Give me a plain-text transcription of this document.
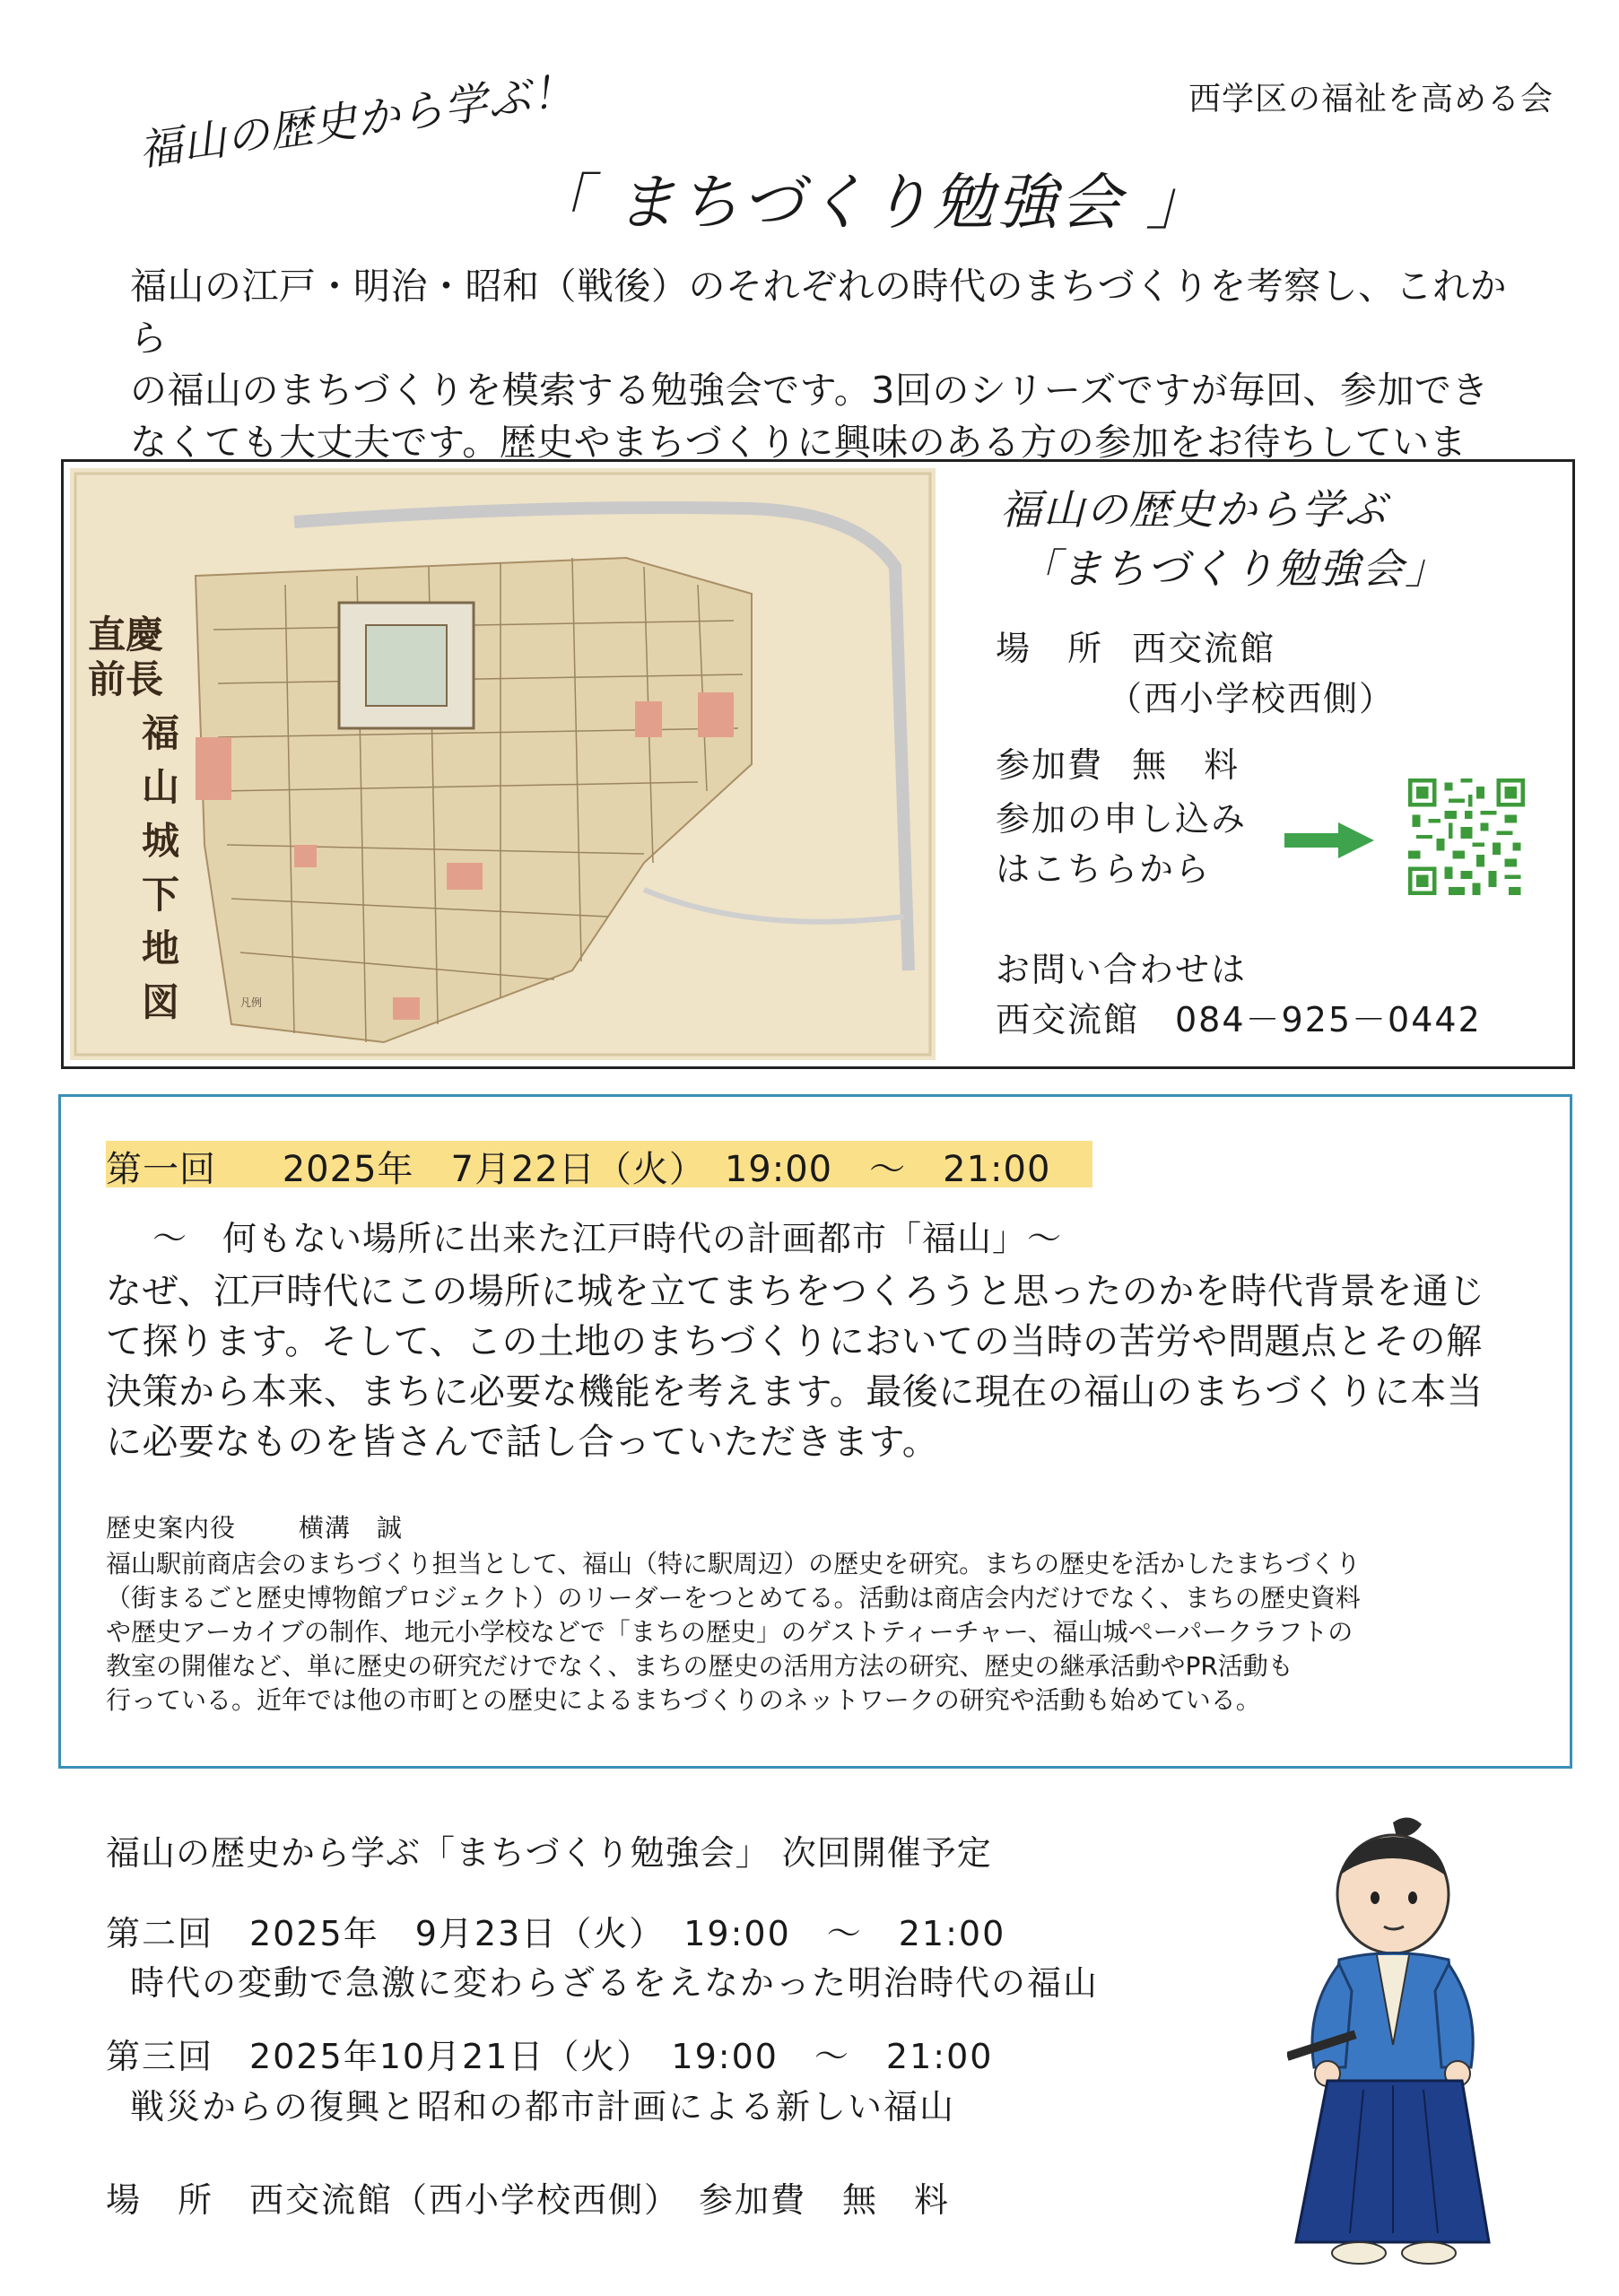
西学区の福祉を高める会
福山の歴史から学ぶ！
「 まちづくり勉強会 」
福山の江戸・明治・昭和（戦後）のそれぞれの時代のまちづくりを考察し、これから
の福山のまちづくりを模索する勉強会です。3回のシリーズですが毎回、参加でき
なくても大丈夫です。歴史やまちづくりに興味のある方の参加をお待ちしていま
慶
長
直
前
福
山
城
下
地
図	凡例
福山の歴史から学ぶ
「まちづくり勉強会」
場　所 西交流館
（西小学校西側）
参加費 無　料
参加の申し込み
はこちらから
お問い合わせは
西交流館　084－925－0442
第一回 2025年　7月22日（火）　19:00　～　21:00
～　何もない場所に出来た江戸時代の計画都市「福山」～
なぜ、江戸時代にこの場所に城を立てまちをつくろうと思ったのかを時代背景を通じ
て探ります。そして、この土地のまちづくりにおいての当時の苦労や問題点とその解
決策から本来、まちに必要な機能を考えます。最後に現在の福山のまちづくりに本当
に必要なものを皆さんで話し合っていただきます。
歴史案内役 横溝　誠
福山駅前商店会のまちづくり担当として、福山（特に駅周辺）の歴史を研究。まちの歴史を活かしたまちづくり
（街まるごと歴史博物館プロジェクト）のリーダーをつとめてる。活動は商店会内だけでなく、まちの歴史資料
や歴史アーカイブの制作、地元小学校などで「まちの歴史」のゲストティーチャー、福山城ペーパークラフトの
教室の開催など、単に歴史の研究だけでなく、まちの歴史の活用方法の研究、歴史の継承活動やPR活動も
行っている。近年では他の市町との歴史によるまちづくりのネットワークの研究や活動も始めている。
福山の歴史から学ぶ「まちづくり勉強会」 次回開催予定
第二回　2025年　9月23日（火）　19:00　～　21:00
時代の変動で急激に変わらざるをえなかった明治時代の福山
第三回　2025年10月21日（火）　19:00　～　21:00
戦災からの復興と昭和の都市計画による新しい福山
場　所　西交流館（西小学校西側）　参加費　無　料
